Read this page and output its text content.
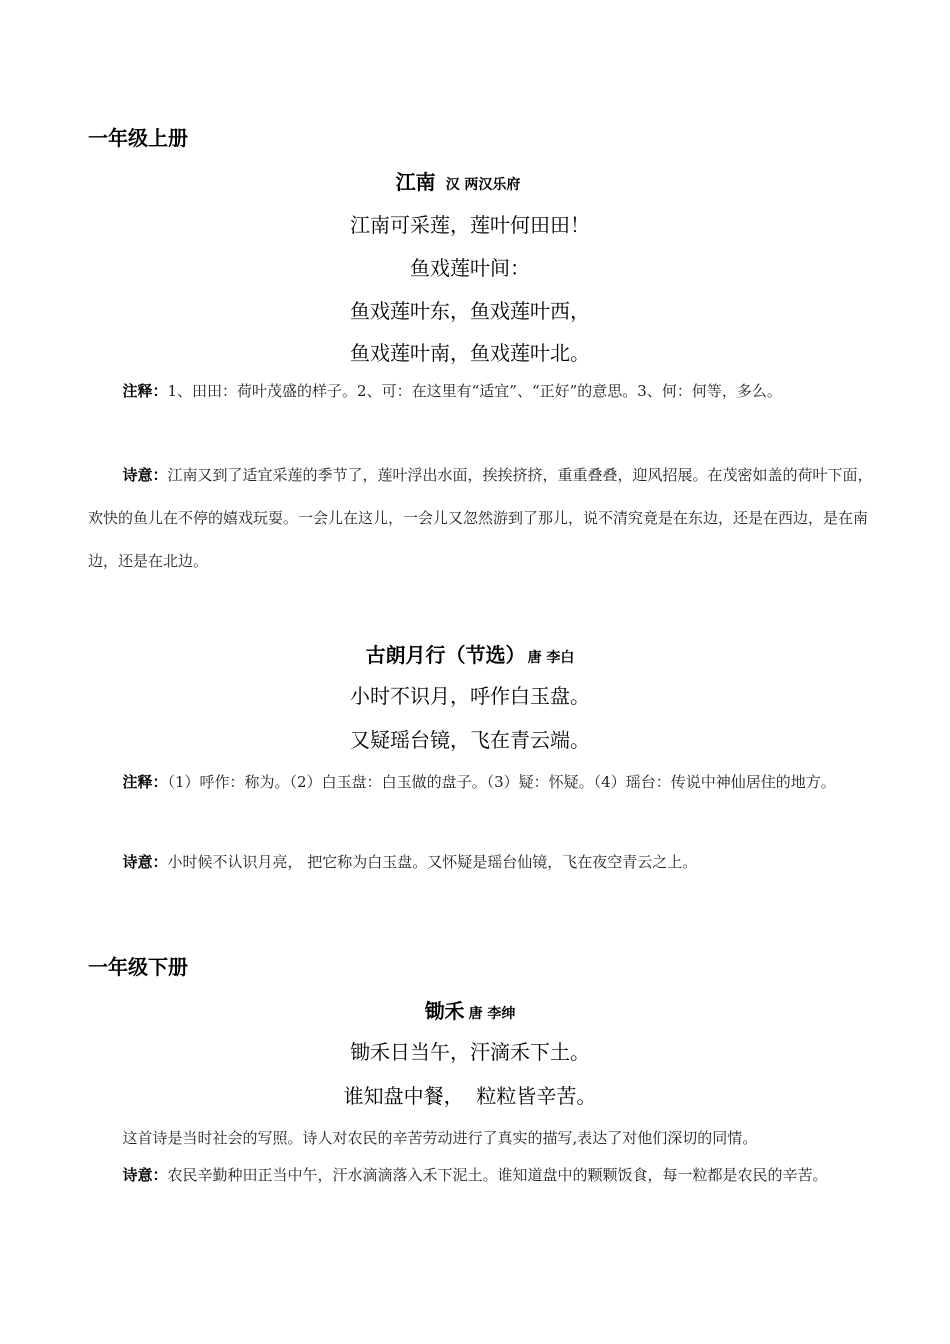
一年级上册
江南 汉 两汉乐府
江南可采莲，莲叶何田田！
鱼戏莲叶间：
鱼戏莲叶东，鱼戏莲叶西，
鱼戏莲叶南，鱼戏莲叶北。
注释：1、田田：荷叶茂盛的样子。2、可：在这里有“适宜”、“正好”的意思。3、何：何等，多么。
诗意：江南又到了适宜采莲的季节了，莲叶浮出水面，挨挨挤挤，重重叠叠，迎风招展。在茂密如盖的荷叶下面，欢快的鱼儿在不停的嬉戏玩耍。一会儿在这儿，一会儿又忽然游到了那儿，说不清究竟是在东边，还是在西边，是在南边，还是在北边。
古朗月行（节选） 唐 李白
小时不识月，呼作白玉盘。
又疑瑶台镜，飞在青云端。
注释：（1）呼作：称为。（2）白玉盘：白玉做的盘子。（3）疑：怀疑。（4）瑶台：传说中神仙居住的地方。
诗意：小时候不认识月亮， 把它称为白玉盘。又怀疑是瑶台仙镜，飞在夜空青云之上。
一年级下册
锄禾 唐 李绅
锄禾日当午，汗滴禾下土。
谁知盘中餐，  粒粒皆辛苦。
这首诗是当时社会的写照。诗人对农民的辛苦劳动进行了真实的描写,表达了对他们深切的同情。
诗意：农民辛勤种田正当中午，汗水滴滴落入禾下泥土。谁知道盘中的颗颗饭食，每一粒都是农民的辛苦。
